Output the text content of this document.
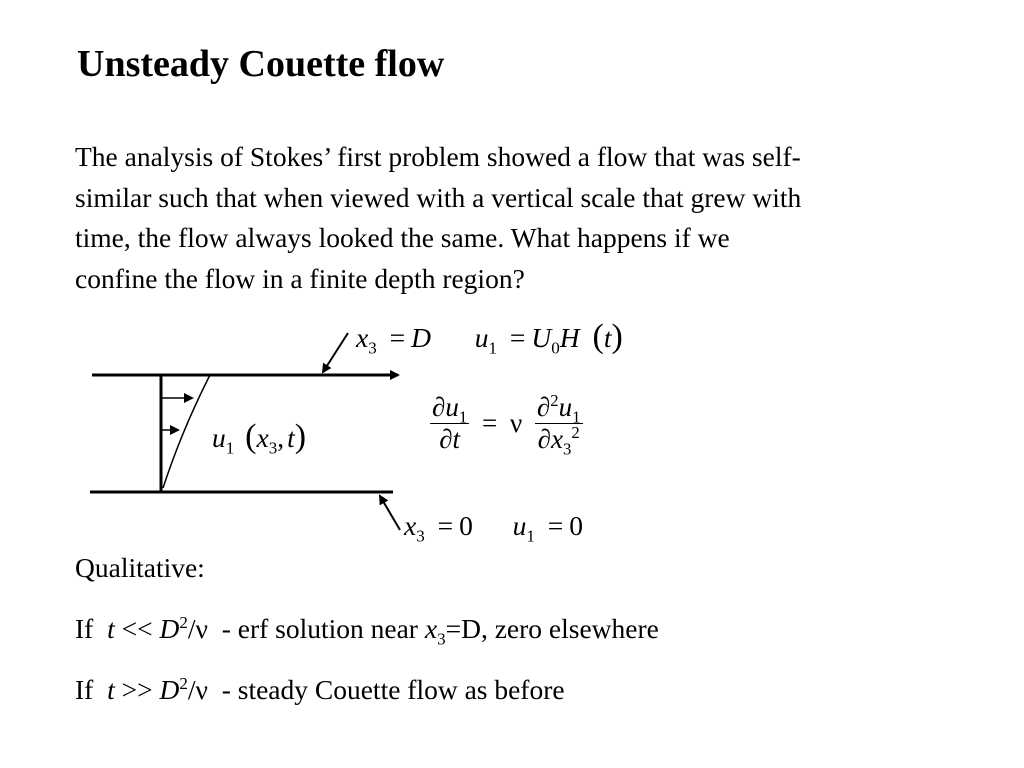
Unsteady Couette flow
The analysis of Stokes’ first problem showed a flow that was self-
similar such that when viewed with a vertical scale that grew with
time, the flow always looked the same. What happens if we
confine the flow in a finite depth region?
$x_3 = D$ $u_1 = U_0H$ (t)
$u_1$ ($x_3$, t)	$\frac{\partial u_1}{\partial t} = \nu \frac{\partial^2u_1}{\partial x_3^2}$
$x_3 = 0$ $u_1 = 0$
Qualitative:
If $t << D^2/\nu$ - erf solution near $x_3=D$, zero elsewhere
If $t >> D^2/\nu$ - steady Couette flow as before
